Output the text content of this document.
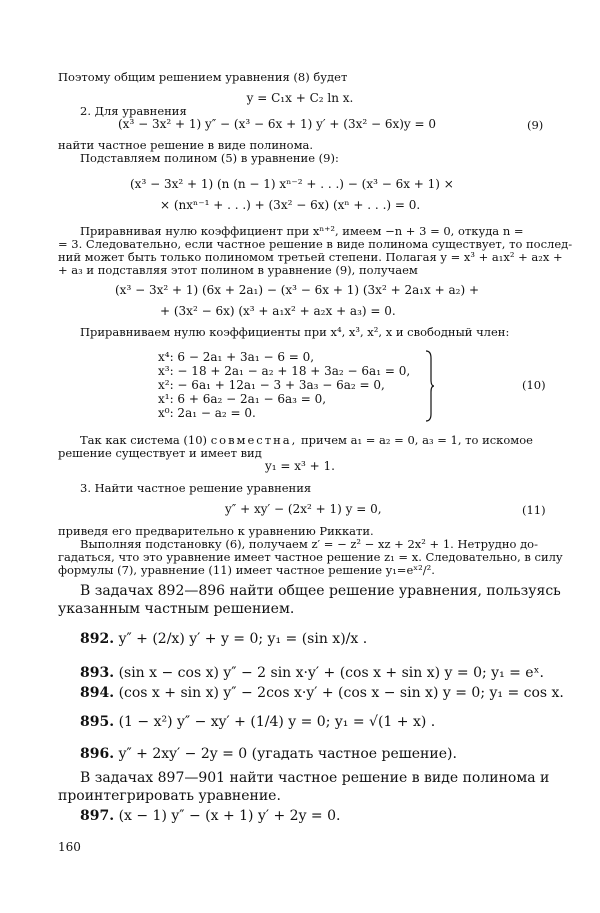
Поэтому общим решением уравнения (8) будет
y = C₁x + C₂ ln x.
2. Для уравнения
(x³ − 3x² + 1) y″ − (x³ − 6x + 1) y′ + (3x² − 6x)y = 0	(9)
найти частное решение в виде полинома.
Подставляем полином (5) в уравнение (9):
(x³ − 3x² + 1) (n (n − 1) xⁿ⁻² + . . .) − (x³ − 6x + 1) ×
× (nxⁿ⁻¹ + . . .) + (3x² − 6x) (xⁿ + . . .) = 0.
Приравнивая нулю коэффициент при xⁿ⁺², имеем −n + 3 = 0, откуда n =
= 3. Следовательно, если частное решение в виде полинома существует, то послед-
ний может быть только полиномом третьей степени. Полагая y = x³ + a₁x² + a₂x +
+ a₃ и подставляя этот полином в уравнение (9), получаем
(x³ − 3x² + 1) (6x + 2a₁) − (x³ − 6x + 1) (3x² + 2a₁x + a₂) +
+ (3x² − 6x) (x³ + a₁x² + a₂x + a₃) = 0.
Приравниваем нулю коэффициенты при x⁴, x³, x², x и свободный член:
x⁴: 6 − 2a₁ + 3a₁ − 6 = 0,
x³: − 18 + 2a₁ − a₂ + 18 + 3a₂ − 6a₁ = 0,
x²: − 6a₁ + 12a₁ − 3 + 3a₃ − 6a₂ = 0,
x¹: 6 + 6a₂ − 2a₁ − 6a₃ = 0,
x⁰: 2a₁ − a₂ = 0.
(10)
Так как система (10) совместна, причем a₁ = a₂ = 0, a₃ = 1, то искомое
решение существует и имеет вид
y₁ = x³ + 1.
3. Найти частное решение уравнения
y″ + xy′ − (2x² + 1) y = 0,	(11)
приведя его предварительно к уравнению Риккати.
Выполняя подстановку (6), получаем z′ = − z² − xz + 2x² + 1. Нетрудно до-
гадаться, что это уравнение имеет частное решение z₁ = x. Следовательно, в силу
формулы (7), уравнение (11) имеет частное решение y₁=eˣ²/².
В задачах 892—896 найти общее решение уравнения, пользуясь
указанным частным решением.
892. y″ + (2/x) y′ + y = 0; y₁ = (sin x)/x .
893. (sin x − cos x) y″ − 2 sin x·y′ + (cos x + sin x) y = 0; y₁ = eˣ.
894. (cos x + sin x) y″ − 2cos x·y′ + (cos x − sin x) y = 0; y₁ = cos x.
895. (1 − x²) y″ − xy′ + (1/4) y = 0; y₁ = √(1 + x) .
896. y″ + 2xy′ − 2y = 0 (угадать частное решение).
В задачах 897—901 найти частное решение в виде полинома и
проинтегрировать уравнение.
897. (x − 1) y″ − (x + 1) y′ + 2y = 0.
160
